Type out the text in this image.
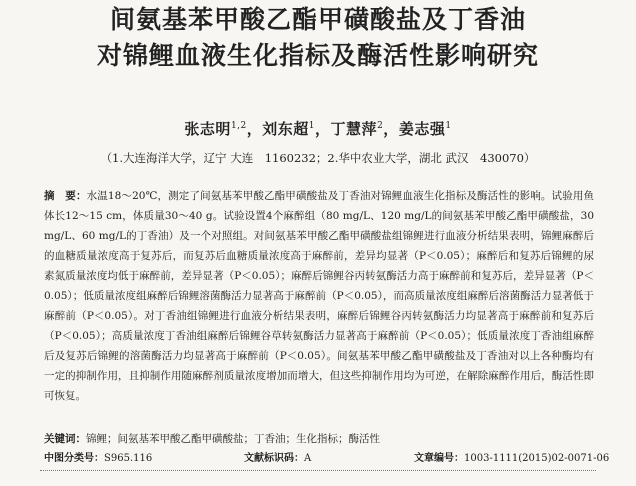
间氨基苯甲酸乙酯甲磺酸盐及丁香油
对锦鲤血液生化指标及酶活性影响研究
张志明$^{1,2}$，刘东超$^1$，丁慧萍$^2$，姜志强$^1$
（1.大连海洋大学，辽宁 大连　1160232；2.华中农业大学，湖北 武汉　430070）
摘　要：水温18～20℃，测定了间氨基苯甲酸乙酯甲磺酸盐及丁香油对锦鲤血液生化指标及酶活性的影响。试验用鱼体长12～15 cm，体质量30～40 g。试验设置4个麻醉组（80 mg/L、120 mg/L的间氨基苯甲酸乙酯甲磺酸盐，30 mg/L、60 mg/L的丁香油）及一个对照组。对间氨基苯甲酸乙酯甲磺酸盐组锦鲤进行血液分析结果表明，锦鲤麻醉后的血糖质量浓度高于复苏后，而复苏后血糖质量浓度高于麻醉前，差异均显著（P＜0.05）；麻醉后和复苏后锦鲤的尿素氮质量浓度均低于麻醉前，差异显著（P＜0.05）；麻醉后锦鲤谷丙转氨酶活力高于麻醉前和复苏后，差异显著（P＜0.05）；低质量浓度组麻醉后锦鲤溶菌酶活力显著高于麻醉前（P＜0.05），而高质量浓度组麻醉后溶菌酶活力显著低于麻醉前（P＜0.05）。对丁香油组锦鲤进行血液分析结果表明，麻醉后锦鲤谷丙转氨酶活力均显著高于麻醉前和复苏后（P＜0.05）；高质量浓度丁香油组麻醉后锦鲤谷草转氨酶活力显著高于麻醉前（P＜0.05）；低质量浓度丁香油组麻醉后及复苏后锦鲤的溶菌酶活力均显著高于麻醉前（P＜0.05）。间氨基苯甲酸乙酯甲磺酸盐及丁香油对以上各种酶均有一定的抑制作用，且抑制作用随麻醉剂质量浓度增加而增大，但这些抑制作用均为可逆，在解除麻醉作用后，酶活性即可恢复。
关键词：锦鲤；间氨基苯甲酸乙酯甲磺酸盐；丁香油；生化指标；酶活性
中图分类号：S965.116	文献标识码：A	文章编号：1003-1111(2015)02-0071-06
